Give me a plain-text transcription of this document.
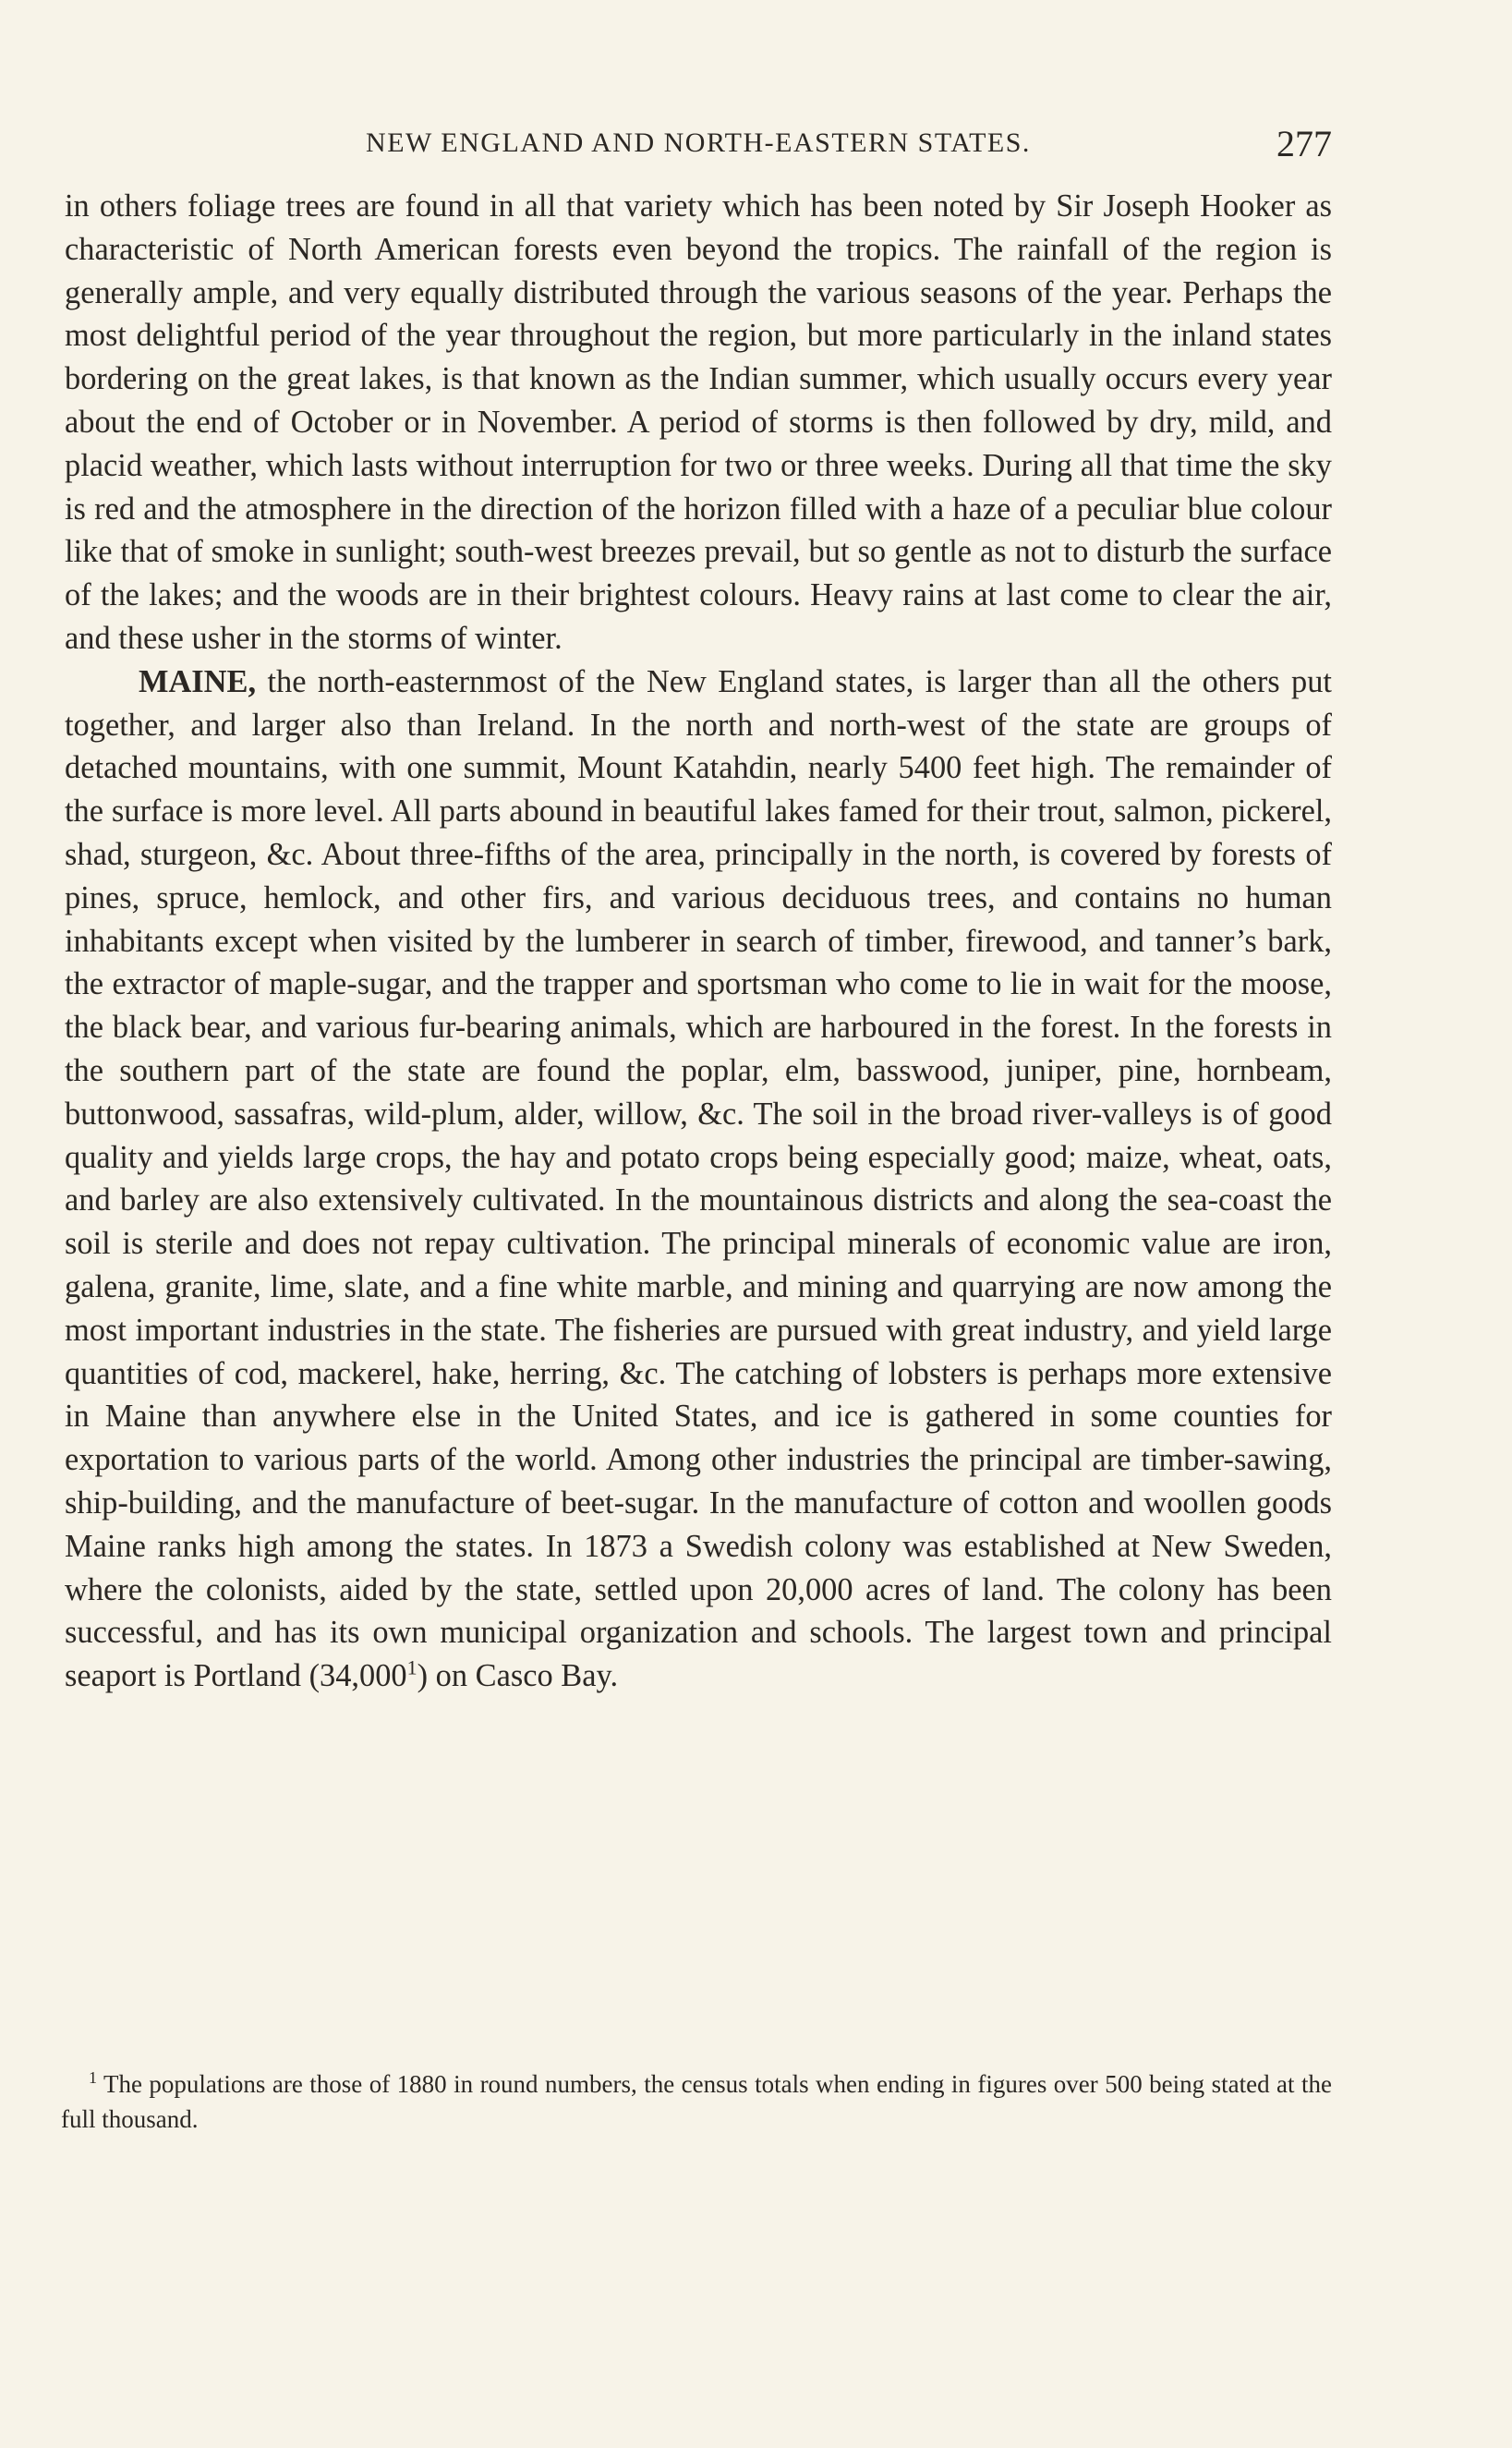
NEW ENGLAND AND NORTH-EASTERN STATES.	277

in others foliage trees are found in all that variety which has been noted by Sir Joseph Hooker as characteristic of North American forests even beyond the tropics. The rainfall of the region is generally ample, and very equally distributed through the various seasons of the year. Perhaps the most delightful period of the year throughout the region, but more particularly in the inland states bordering on the great lakes, is that known as the Indian summer, which usually occurs every year about the end of October or in November. A period of storms is then followed by dry, mild, and placid weather, which lasts without interruption for two or three weeks. During all that time the sky is red and the atmosphere in the direction of the horizon filled with a haze of a peculiar blue colour like that of smoke in sunlight; south-west breezes prevail, but so gentle as not to disturb the surface of the lakes; and the woods are in their brightest colours. Heavy rains at last come to clear the air, and these usher in the storms of winter.

MAINE, the north-easternmost of the New England states, is larger than all the others put together, and larger also than Ireland. In the north and north-west of the state are groups of detached mountains, with one summit, Mount Katahdin, nearly 5400 feet high. The remainder of the surface is more level. All parts abound in beautiful lakes famed for their trout, salmon, pickerel, shad, sturgeon, &c. About three-fifths of the area, principally in the north, is covered by forests of pines, spruce, hemlock, and other firs, and various deciduous trees, and contains no human inhabitants except when visited by the lumberer in search of timber, firewood, and tanner’s bark, the extractor of maple-sugar, and the trapper and sportsman who come to lie in wait for the moose, the black bear, and various fur-bearing animals, which are harboured in the forest. In the forests in the southern part of the state are found the poplar, elm, basswood, juniper, pine, hornbeam, buttonwood, sassafras, wild-plum, alder, willow, &c. The soil in the broad river-valleys is of good quality and yields large crops, the hay and potato crops being especially good; maize, wheat, oats, and barley are also extensively cultivated. In the mountainous districts and along the sea-coast the soil is sterile and does not repay cultivation. The principal minerals of economic value are iron, galena, granite, lime, slate, and a fine white marble, and mining and quarrying are now among the most important industries in the state. The fisheries are pursued with great industry, and yield large quantities of cod, mackerel, hake, herring, &c. The catching of lobsters is perhaps more extensive in Maine than anywhere else in the United States, and ice is gathered in some counties for exportation to various parts of the world. Among other industries the principal are timber-sawing, ship-building, and the manufacture of beet-sugar. In the manufacture of cotton and woollen goods Maine ranks high among the states. In 1873 a Swedish colony was established at New Sweden, where the colonists, aided by the state, settled upon 20,000 acres of land. The colony has been successful, and has its own municipal organization and schools. The largest town and principal seaport is Portland (34,000$^1$) on Casco Bay.

$^1$ The populations are those of 1880 in round numbers, the census totals when ending in figures over 500 being stated at the full thousand.
